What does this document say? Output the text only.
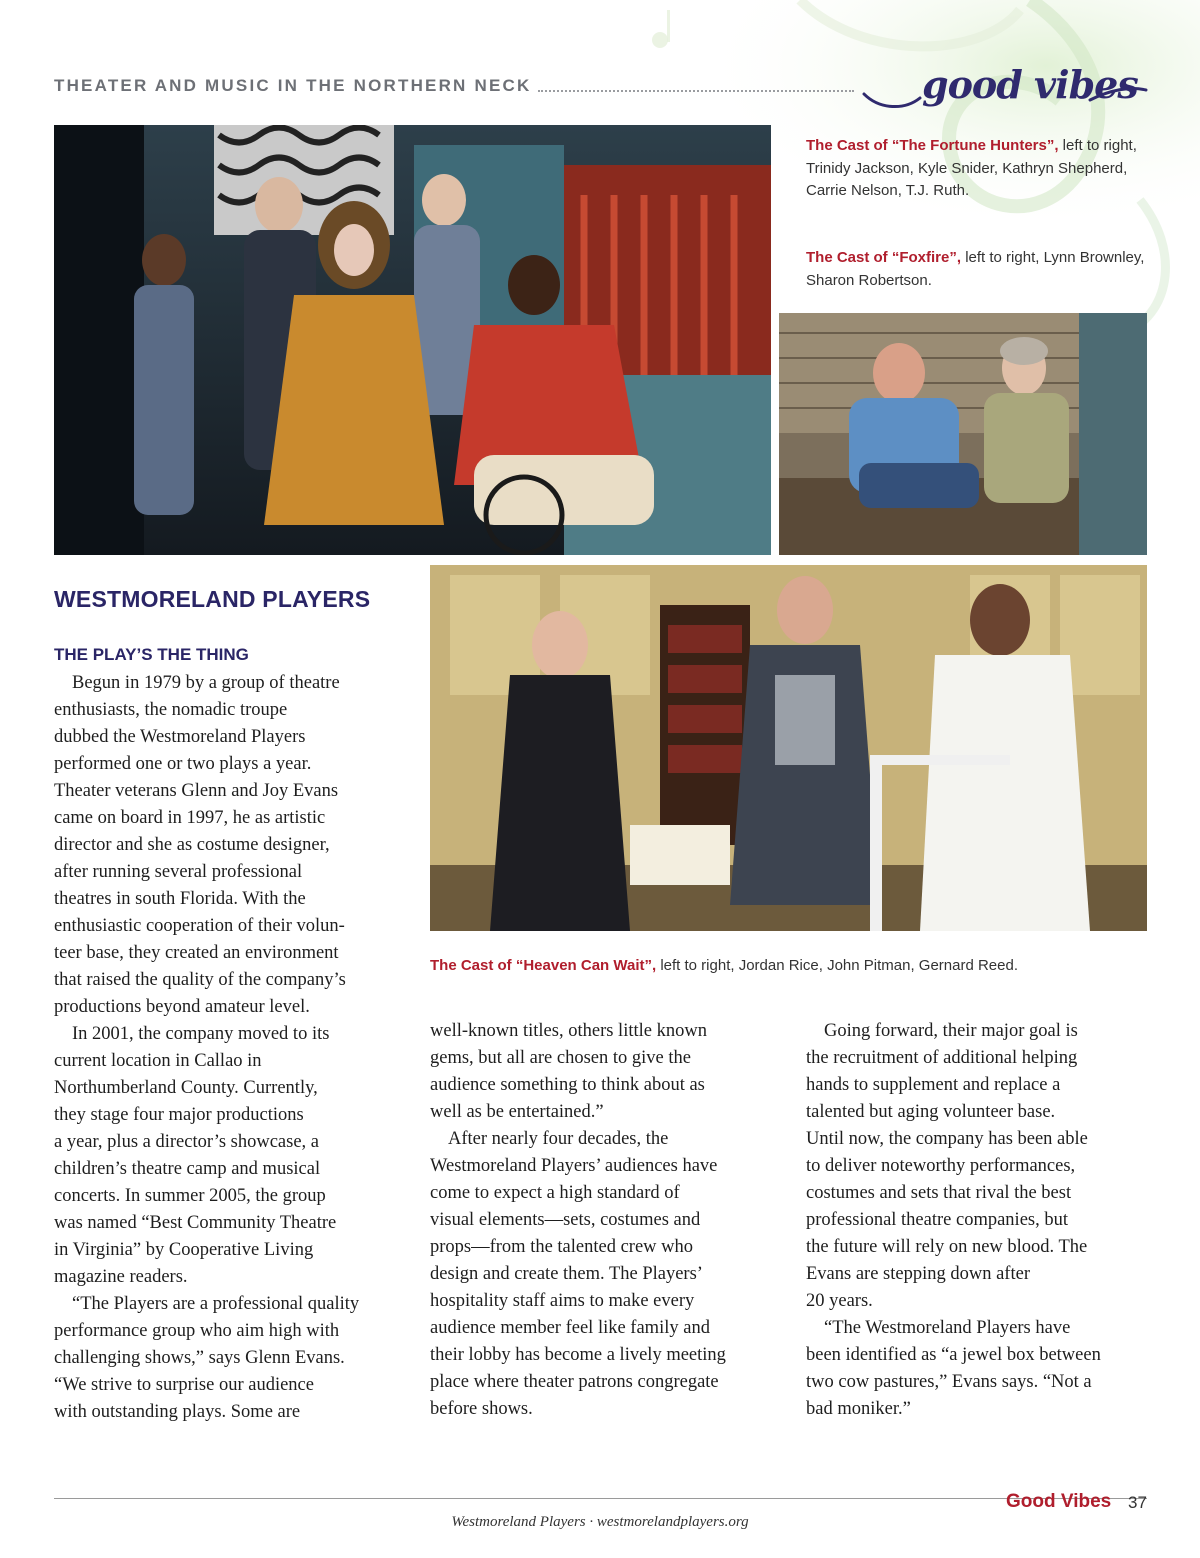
THEATER AND MUSIC IN THE NORTHERN NECK	good vibes
The Cast of “The Fortune Hunters”, left to right, Trinidy Jackson, Kyle Snider, Kathryn Shepherd, Carrie Nelson, T.J. Ruth.
The Cast of “Foxfire”, left to right, Lynn Brownley, Sharon Robertson.
WESTMORELAND PLAYERS
THE PLAY’S THE THING
The Cast of “Heaven Can Wait”, left to right, Jordan Rice, John Pitman, Gernard Reed.
Begun in 1979 by a group of theatre
enthusiasts, the nomadic troupe
dubbed the Westmoreland Players
performed one or two plays a year.
Theater veterans Glenn and Joy Evans
came on board in 1997, he as artistic
director and she as costume designer,
after running several professional
theatres in south Florida. With the
enthusiastic cooperation of their volun-
teer base, they created an environment
that raised the quality of the company’s
productions beyond amateur level.
In 2001, the company moved to its
current location in Callao in
Northumberland County. Currently,
they stage four major productions
a year, plus a director’s showcase, a
children’s theatre camp and musical
concerts. In summer 2005, the group
was named “Best Community Theatre
in Virginia” by Cooperative Living
magazine readers.
“The Players are a professional quality
performance group who aim high with
challenging shows,” says Glenn Evans.
“We strive to surprise our audience
with outstanding plays. Some are
well-known titles, others little known
gems, but all are chosen to give the
audience something to think about as
well as be entertained.”
After nearly four decades, the
Westmoreland Players’ audiences have
come to expect a high standard of
visual elements—sets, costumes and
props—from the talented crew who
design and create them. The Players’
hospitality staff aims to make every
audience member feel like family and
their lobby has become a lively meeting
place where theater patrons congregate
before shows.
Going forward, their major goal is
the recruitment of additional helping
hands to supplement and replace a
talented but aging volunteer base.
Until now, the company has been able
to deliver noteworthy performances,
costumes and sets that rival the best
professional theatre companies, but
the future will rely on new blood. The
Evans are stepping down after
20 years.
“The Westmoreland Players have
been identified as “a jewel box between
two cow pastures,” Evans says. “Not a
bad moniker.”
Westmoreland Players · westmorelandplayers.org
Good Vibes 37
